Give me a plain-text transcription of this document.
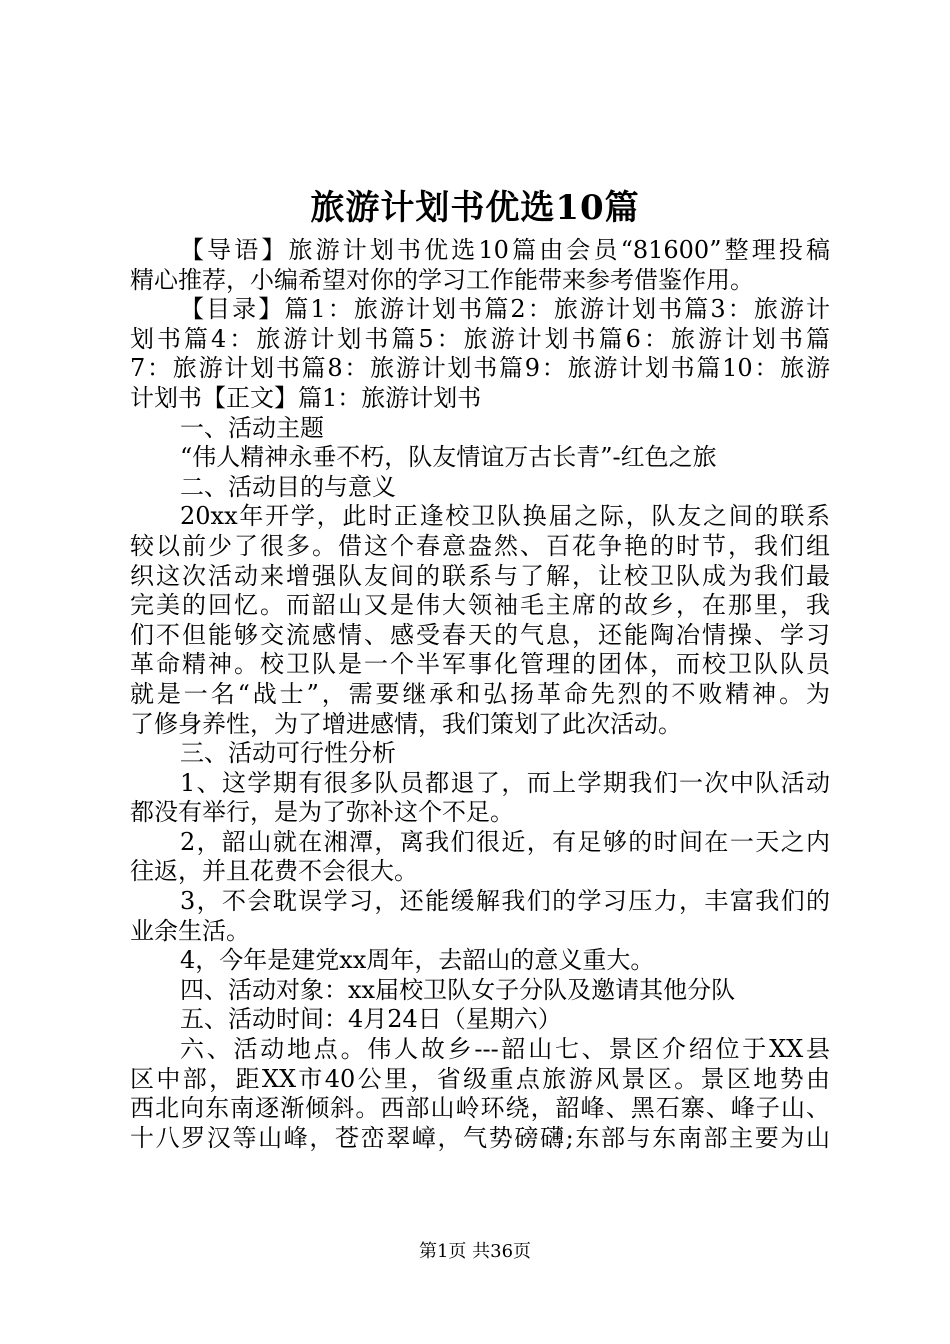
旅游计划书优选10篇
【导语】旅游计划书优选10篇由会员“81600”整理投稿
精心推荐，小编希望对你的学习工作能带来参考借鉴作用。
【目录】篇1：旅游计划书篇2：旅游计划书篇3：旅游计
划书篇4：旅游计划书篇5：旅游计划书篇6：旅游计划书篇
7：旅游计划书篇8：旅游计划书篇9：旅游计划书篇10：旅游
计划书【正文】篇1：旅游计划书
一、活动主题
“伟人精神永垂不朽，队友情谊万古长青”-红色之旅
二、活动目的与意义
20xx年开学，此时正逢校卫队换届之际，队友之间的联系
较以前少了很多。借这个春意盎然、百花争艳的时节，我们组
织这次活动来增强队友间的联系与了解，让校卫队成为我们最
完美的回忆。而韶山又是伟大领袖毛主席的故乡，在那里，我
们不但能够交流感情、感受春天的气息，还能陶冶情操、学习
革命精神。校卫队是一个半军事化管理的团体，而校卫队队员
就是一名“战士”，需要继承和弘扬革命先烈的不败精神。为
了修身养性，为了增进感情，我们策划了此次活动。
三、活动可行性分析
1、这学期有很多队员都退了，而上学期我们一次中队活动
都没有举行，是为了弥补这个不足。
2，韶山就在湘潭，离我们很近，有足够的时间在一天之内
往返，并且花费不会很大。
3，不会耽误学习，还能缓解我们的学习压力，丰富我们的
业余生活。
4，今年是建党xx周年，去韶山的意义重大。
四、活动对象：xx届校卫队女子分队及邀请其他分队
五、活动时间：4月24日（星期六）
六、活动地点。伟人故乡---韶山七、景区介绍位于XX县
区中部，距XX市40公里，省级重点旅游风景区。景区地势由
西北向东南逐渐倾斜。西部山岭环绕，韶峰、黑石寨、峰子山、
十八罗汉等山峰，苍峦翠嶂，气势磅礴;东部与东南部主要为山
第1页 共36页
